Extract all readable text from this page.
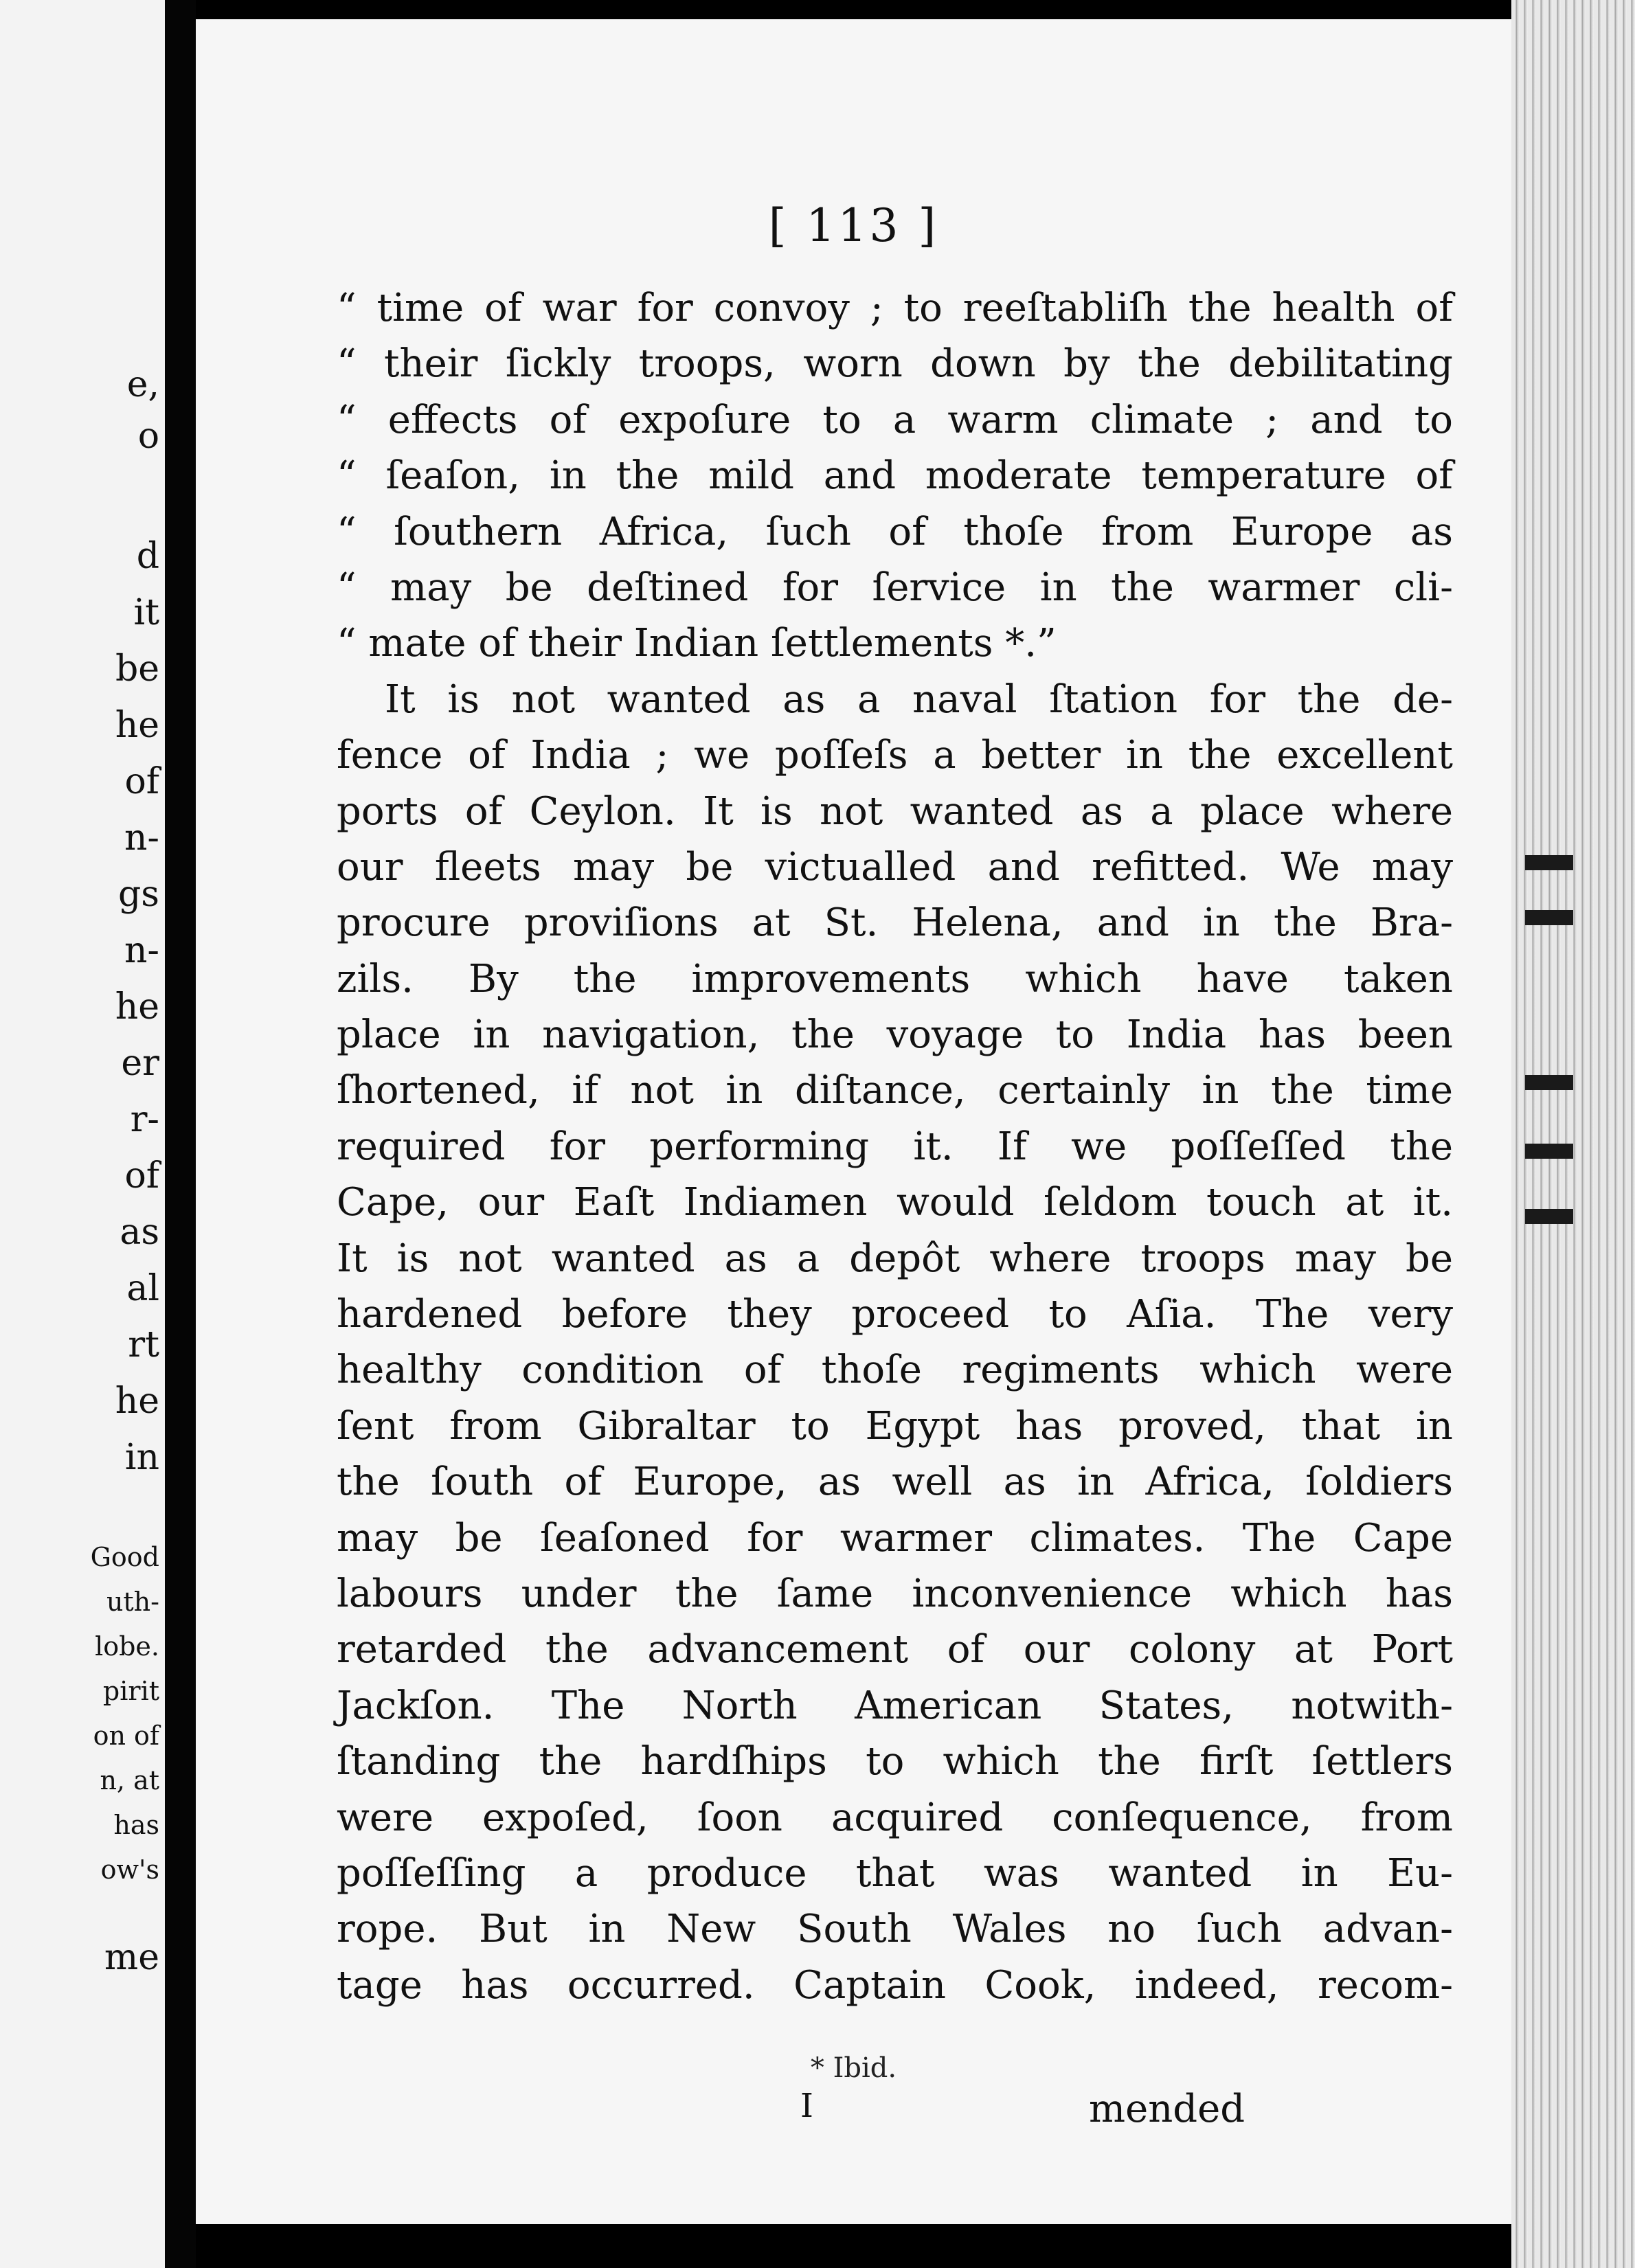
e,
o
d
it
be
he
of
n-
gs
n-
he
er
r-
of
as
al
rt
he
in
Good
uth-
lobe.
pirit
on of
n, at
has
ow's
me
[ 113 ]
“ time of war for convoy ; to reeſtabliſh the health of
“ their ſickly troops, worn down by the debilitating
“ effects of expoſure to a warm climate ; and to
“ ſeaſon, in the mild and moderate temperature of
“ ſouthern Africa, ſuch of thoſe from Europe as
“ may be deſtined for ſervice in the warmer cli-
“ mate of their Indian ſettlements *.”
It is not wanted as a naval ſtation for the de-
fence of India ; we poſſeſs a better in the excellent
ports of Ceylon. It is not wanted as a place where
our fleets may be victualled and refitted. We may
procure proviſions at St. Helena, and in the Bra-
zils. By the improvements which have taken
place in navigation, the voyage to India has been
ſhortened, if not in diſtance, certainly in the time
required for performing it. If we poſſeſſed the
Cape, our Eaſt Indiamen would ſeldom touch at it.
It is not wanted as a depôt where troops may be
hardened before they proceed to Aſia. The very
healthy condition of thoſe regiments which were
ſent from Gibraltar to Egypt has proved, that in
the ſouth of Europe, as well as in Africa, ſoldiers
may be ſeaſoned for warmer climates. The Cape
labours under the ſame inconvenience which has
retarded the advancement of our colony at Port
Jackſon. The North American States, notwith-
ſtanding the hardſhips to which the firſt ſettlers
were expoſed, ſoon acquired conſequence, from
poſſeſſing a produce that was wanted in Eu-
rope. But in New South Wales no ſuch advan-
tage has occurred. Captain Cook, indeed, recom-
* Ibid.
I	mended
